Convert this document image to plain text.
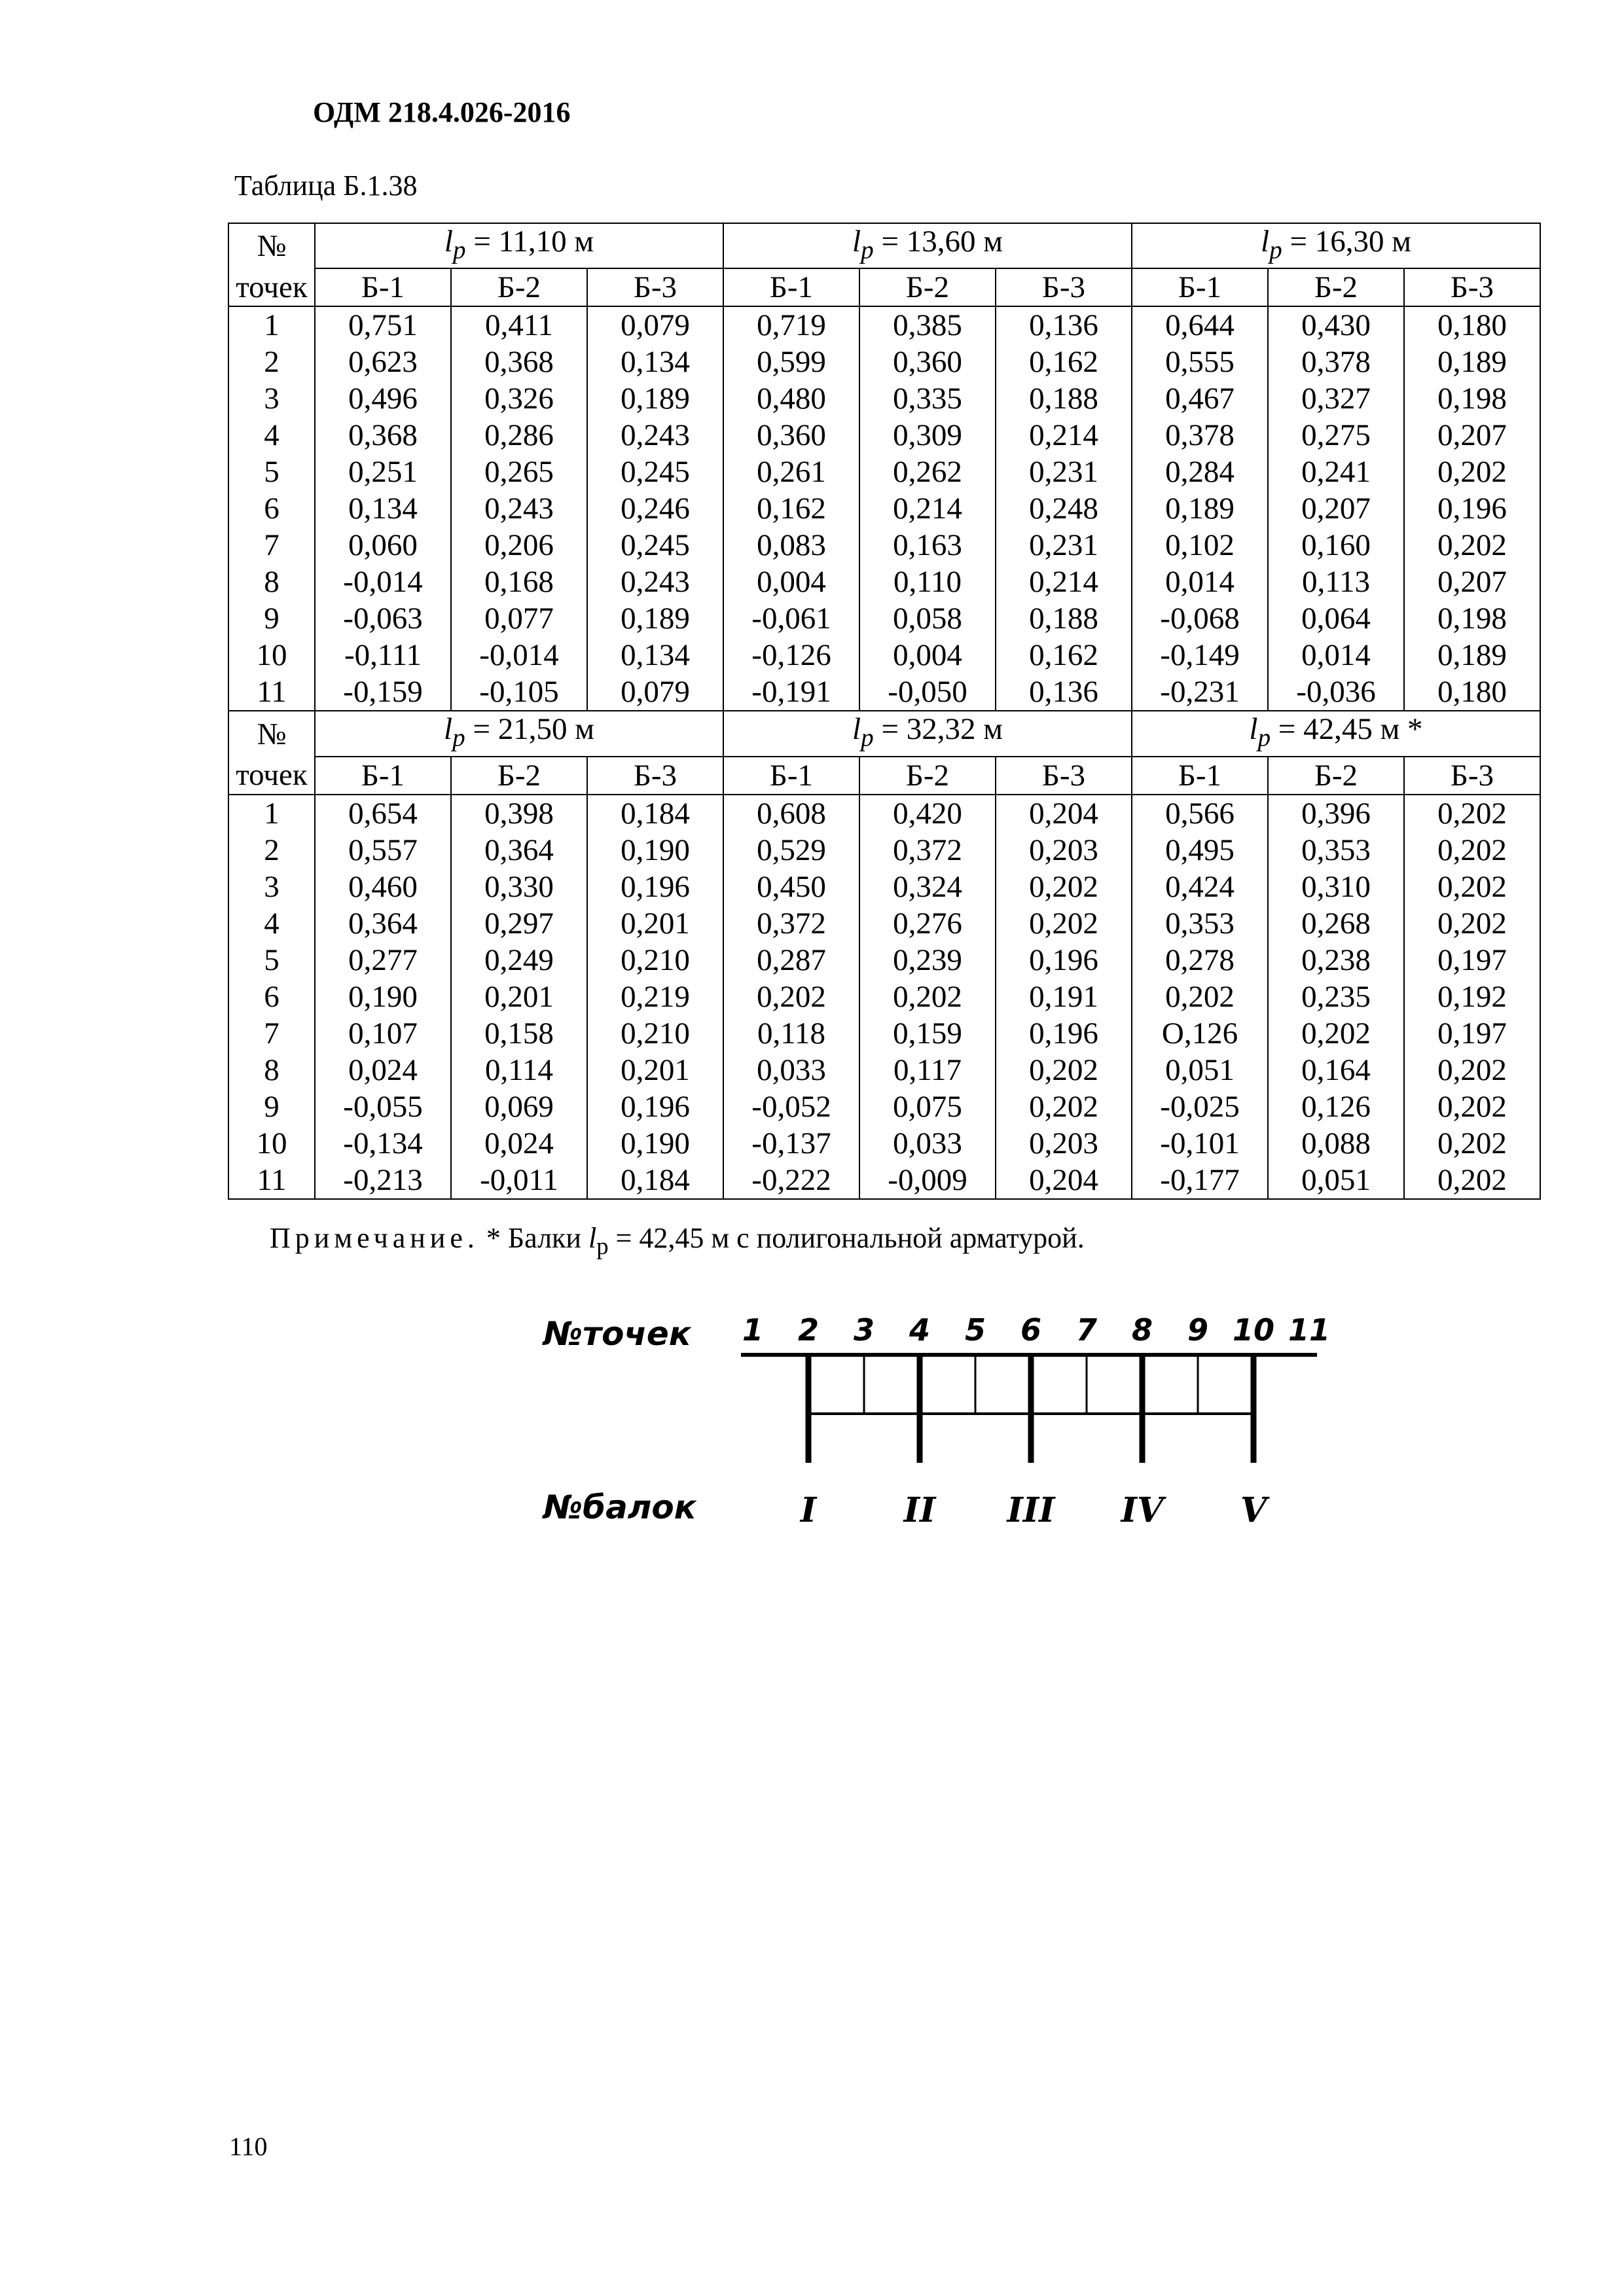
ОДМ 218.4.026-2016
Таблица Б.1.38
№	$l_p = 11,10$ м			$l_p = 13,60$ м			$l_p = 16,30$ м		
точек	Б-1	Б-2	Б-3	Б-1	Б-2	Б-3	Б-1	Б-2	Б-3
1	0,751	0,411	0,079	0,719	0,385	0,136	0,644	0,430	0,180
2	0,623	0,368	0,134	0,599	0,360	0,162	0,555	0,378	0,189
3	0,496	0,326	0,189	0,480	0,335	0,188	0,467	0,327	0,198
4	0,368	0,286	0,243	0,360	0,309	0,214	0,378	0,275	0,207
5	0,251	0,265	0,245	0,261	0,262	0,231	0,284	0,241	0,202
6	0,134	0,243	0,246	0,162	0,214	0,248	0,189	0,207	0,196
7	0,060	0,206	0,245	0,083	0,163	0,231	0,102	0,160	0,202
8	-0,014	0,168	0,243	0,004	0,110	0,214	0,014	0,113	0,207
9	-0,063	0,077	0,189	-0,061	0,058	0,188	-0,068	0,064	0,198
10	-0,111	-0,014	0,134	-0,126	0,004	0,162	-0,149	0,014	0,189
11	-0,159	-0,105	0,079	-0,191	-0,050	0,136	-0,231	-0,036	0,180
№	$l_p = 21,50$ м			$l_p = 32,32$ м			$l_p = 42,45$ м *		
точек	Б-1	Б-2	Б-3	Б-1	Б-2	Б-3	Б-1	Б-2	Б-3
1	0,654	0,398	0,184	0,608	0,420	0,204	0,566	0,396	0,202
2	0,557	0,364	0,190	0,529	0,372	0,203	0,495	0,353	0,202
3	0,460	0,330	0,196	0,450	0,324	0,202	0,424	0,310	0,202
4	0,364	0,297	0,201	0,372	0,276	0,202	0,353	0,268	0,202
5	0,277	0,249	0,210	0,287	0,239	0,196	0,278	0,238	0,197
6	0,190	0,201	0,219	0,202	0,202	0,191	0,202	0,235	0,192
7	0,107	0,158	0,210	0,118	0,159	0,196	О,126	0,202	0,197
8	0,024	0,114	0,201	0,033	0,117	0,202	0,051	0,164	0,202
9	-0,055	0,069	0,196	-0,052	0,075	0,202	-0,025	0,126	0,202
10	-0,134	0,024	0,190	-0,137	0,033	0,203	-0,101	0,088	0,202
11	-0,213	-0,011	0,184	-0,222	-0,009	0,204	-0,177	0,051	0,202
Примечание. * Балки $l_p = 42,45$ м с полигональной арматурой.
№точек
№балок
1 2 3 4 5 6 7 8 9 10 11
I	II III IV V
110
